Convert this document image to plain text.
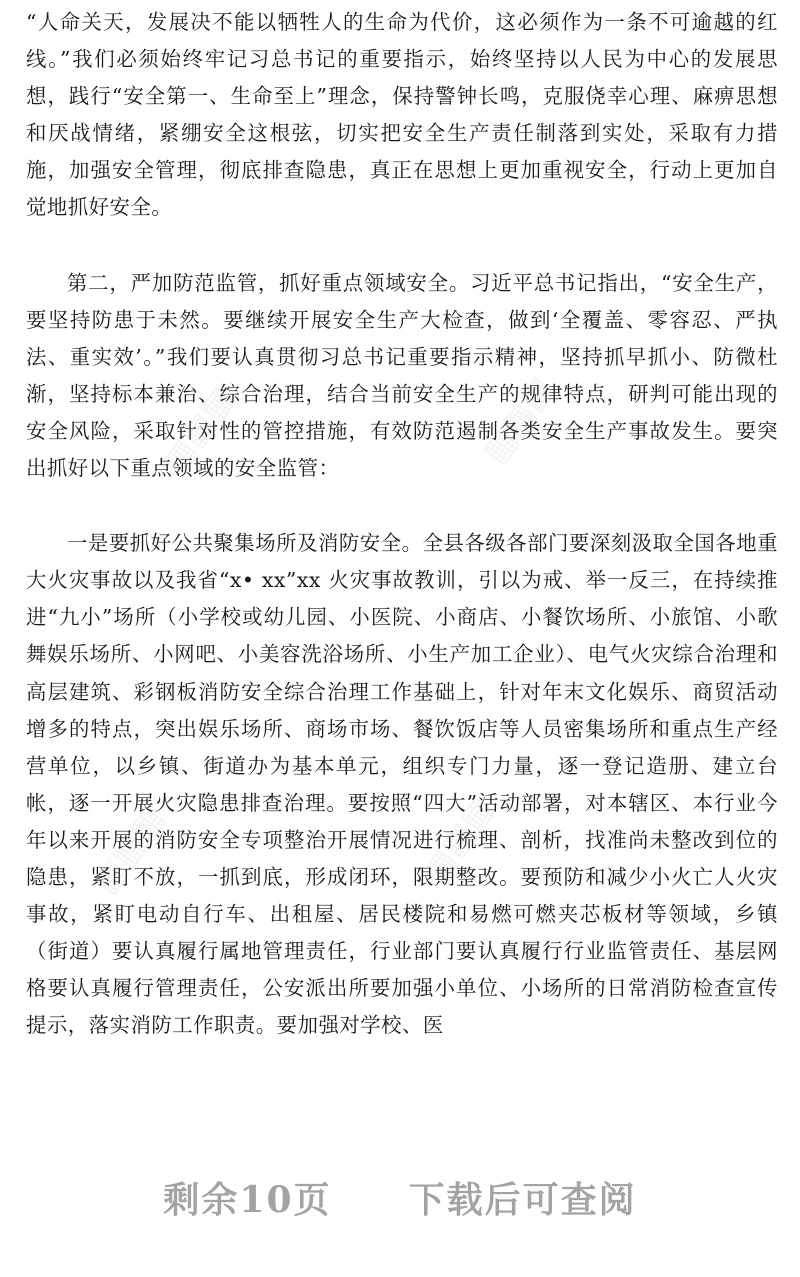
“人命关天，发展决不能以牺牲人的生命为代价，这必须作为一条不可逾越的红线。”我们必须始终牢记习总书记的重要指示，始终坚持以人民为中心的发展思想，践行“安全第一、生命至上”理念，保持警钟长鸣，克服侥幸心理、麻痹思想和厌战情绪，紧绷安全这根弦，切实把安全生产责任制落到实处，采取有力措施，加强安全管理，彻底排查隐患，真正在思想上更加重视安全，行动上更加自觉地抓好安全。

第二，严加防范监管，抓好重点领域安全。习近平总书记指出，“安全生产，要坚持防患于未然。要继续开展安全生产大检查，做到‘全覆盖、零容忍、严执法、重实效’。”我们要认真贯彻习总书记重要指示精神，坚持抓早抓小、防微杜渐，坚持标本兼治、综合治理，结合当前安全生产的规律特点，研判可能出现的安全风险，采取针对性的管控措施，有效防范遏制各类安全生产事故发生。要突出抓好以下重点领域的安全监管：

一是要抓好公共聚集场所及消防安全。全县各级各部门要深刻汲取全国各地重大火灾事故以及我省“x• xx”xx 火灾事故教训，引以为戒、举一反三，在持续推进“九小”场所（小学校或幼儿园、小医院、小商店、小餐饮场所、小旅馆、小歌舞娱乐场所、小网吧、小美容洗浴场所、小生产加工企业）、电气火灾综合治理和高层建筑、彩钢板消防安全综合治理工作基础上，针对年末文化娱乐、商贸活动增多的特点，突出娱乐场所、商场市场、餐饮饭店等人员密集场所和重点生产经营单位，以乡镇、街道办为基本单元，组织专门力量，逐一登记造册、建立台帐，逐一开展火灾隐患排查治理。要按照“四大”活动部署，对本辖区、本行业今年以来开展的消防安全专项整治开展情况进行梳理、剖析，找准尚未整改到位的隐患，紧盯不放，一抓到底，形成闭环，限期整改。要预防和减少小火亡人火灾事故，紧盯电动自行车、出租屋、居民楼院和易燃可燃夹芯板材等领域，乡镇（街道）要认真履行属地管理责任，行业部门要认真履行行业监管责任、基层网格要认真履行管理责任，公安派出所要加强小单位、小场所的日常消防检查宣传提示，落实消防工作职责。要加强对学校、医

▦▦▦	▦▦▦
▦▦▦	▦▦▦
剩余10页 下载后可查阅
